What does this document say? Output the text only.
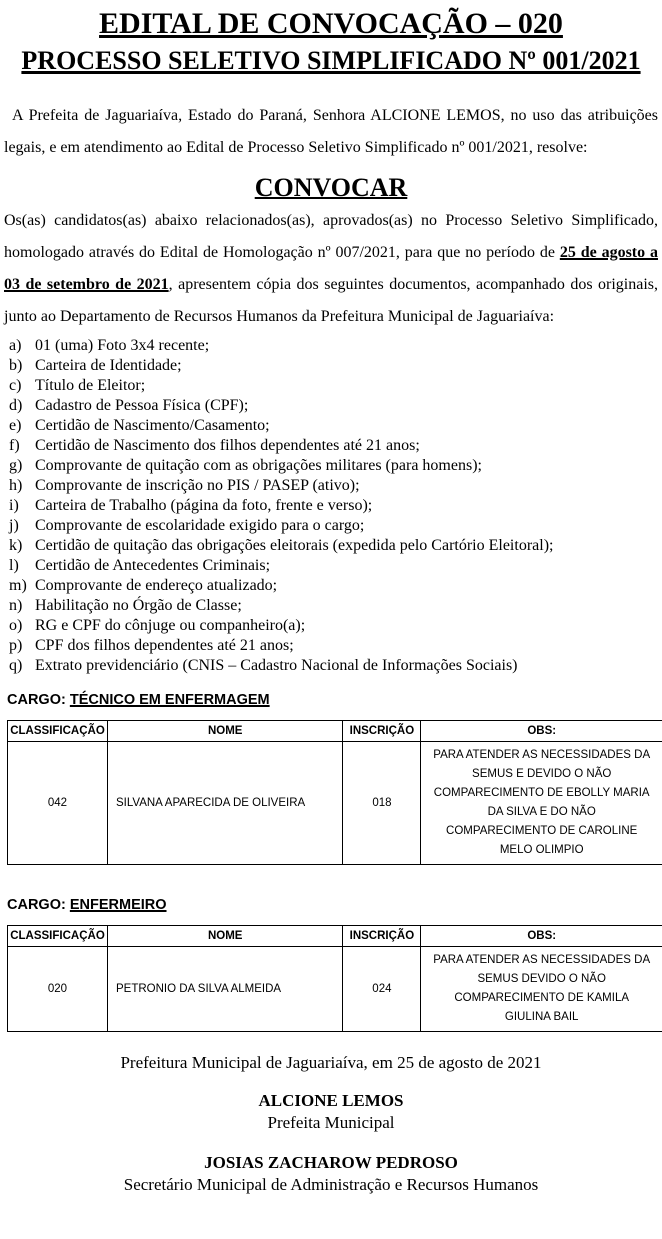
EDITAL DE CONVOCAÇÃO – 020
PROCESSO SELETIVO SIMPLIFICADO Nº 001/2021

A Prefeita de Jaguariaíva, Estado do Paraná, Senhora ALCIONE LEMOS, no uso das atribuições legais, e em atendimento ao Edital de Processo Seletivo Simplificado nº 001/2021, resolve:

CONVOCAR

Os(as) candidatos(as) abaixo relacionados(as), aprovados(as) no Processo Seletivo Simplificado, homologado através do Edital de Homologação nº 007/2021, para que no período de 25 de agosto a 03 de setembro de 2021, apresentem cópia dos seguintes documentos, acompanhado dos originais, junto ao Departamento de Recursos Humanos da Prefeitura Municipal de Jaguariaíva:

a) 01 (uma) Foto 3x4 recente;
b) Carteira de Identidade;
c) Título de Eleitor;
d) Cadastro de Pessoa Física (CPF);
e) Certidão de Nascimento/Casamento;
f) Certidão de Nascimento dos filhos dependentes até 21 anos;
g) Comprovante de quitação com as obrigações militares (para homens);
h) Comprovante de inscrição no PIS / PASEP (ativo);
i)	Carteira de Trabalho (página da foto, frente e verso);
j)	Comprovante de escolaridade exigido para o cargo;
k) Certidão de quitação das obrigações eleitorais (expedida pelo Cartório Eleitoral);
l)	Certidão de Antecedentes Criminais;
m) Comprovante de endereço atualizado;
n) Habilitação no Órgão de Classe;
o) RG e CPF do cônjuge ou companheiro(a);
p) CPF dos filhos dependentes até 21 anos;
q) Extrato previdenciário (CNIS – Cadastro Nacional de Informações Sociais)
CARGO: TÉCNICO EM ENFERMAGEM
CLASSIFICAÇÃO	NOME	INSCRIÇÃO	OBS:
042	SILVANA APARECIDA DE OLIVEIRA	018	PARA ATENDER AS NECESSIDADES DA SEMUS E DEVIDO O NÃO COMPARECIMENTO DE EBOLLY MARIA DA SILVA E DO NÃO COMPARECIMENTO DE CAROLINE MELO OLIMPIO
CARGO: ENFERMEIRO
CLASSIFICAÇÃO	NOME	INSCRIÇÃO	OBS:
020	PETRONIO DA SILVA ALMEIDA	024	PARA ATENDER AS NECESSIDADES DA SEMUS DEVIDO O NÃO COMPARECIMENTO DE KAMILA GIULINA BAIL
Prefeitura Municipal de Jaguariaíva, em 25 de agosto de 2021
ALCIONE LEMOS
Prefeita Municipal
JOSIAS ZACHAROW PEDROSO
Secretário Municipal de Administração e Recursos Humanos
